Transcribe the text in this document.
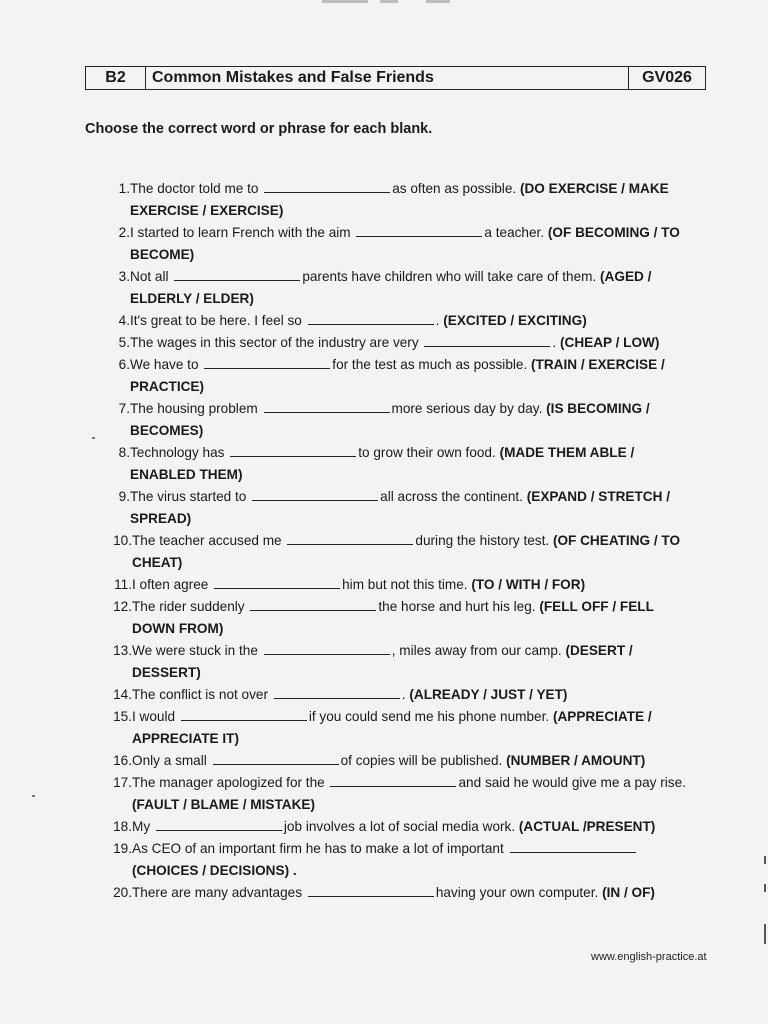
B2	Common Mistakes and False Friends	GV026
Choose the correct word or phrase for each blank.
1. The doctor told me to	as often as possible. (DO EXERCISE / MAKE EXERCISE / EXERCISE)
2. I started to learn French with the aim	a teacher. (OF BECOMING / TO BECOME)
3. Not all	parents have children who will take care of them. (AGED / ELDERLY / ELDER)
4. It's great to be here. I feel so	. (EXCITED / EXCITING)
5. The wages in this sector of the industry are very	. (CHEAP / LOW)
6. We have to	for the test as much as possible. (TRAIN / EXERCISE / PRACTICE)
7. The housing problem	more serious day by day. (IS BECOMING / BECOMES)
8. Technology has	to grow their own food. (MADE THEM ABLE / ENABLED THEM)
9. The virus started to	all across the continent. (EXPAND / STRETCH / SPREAD)
10. The teacher accused me	during the history test. (OF CHEATING / TO CHEAT)
11. I often agree	him but not this time. (TO / WITH / FOR)
12. The rider suddenly	the horse and hurt his leg. (FELL OFF / FELL DOWN FROM)
13. We were stuck in the	, miles away from our camp. (DESERT / DESSERT)
14. The conflict is not over	. (ALREADY / JUST / YET)
15. I would	if you could send me his phone number. (APPRECIATE / APPRECIATE IT)
16. Only a small	of copies will be published. (NUMBER / AMOUNT)
17. The manager apologized for the	and said he would give me a pay rise. (FAULT / BLAME / MISTAKE)
18. My	job involves a lot of social media work. (ACTUAL /PRESENT)
19. As CEO of an important firm he has to make a lot of important  (CHOICES / DECISIONS) .
20. There are many advantages	having your own computer. (IN / OF)
www.english-practice.at
